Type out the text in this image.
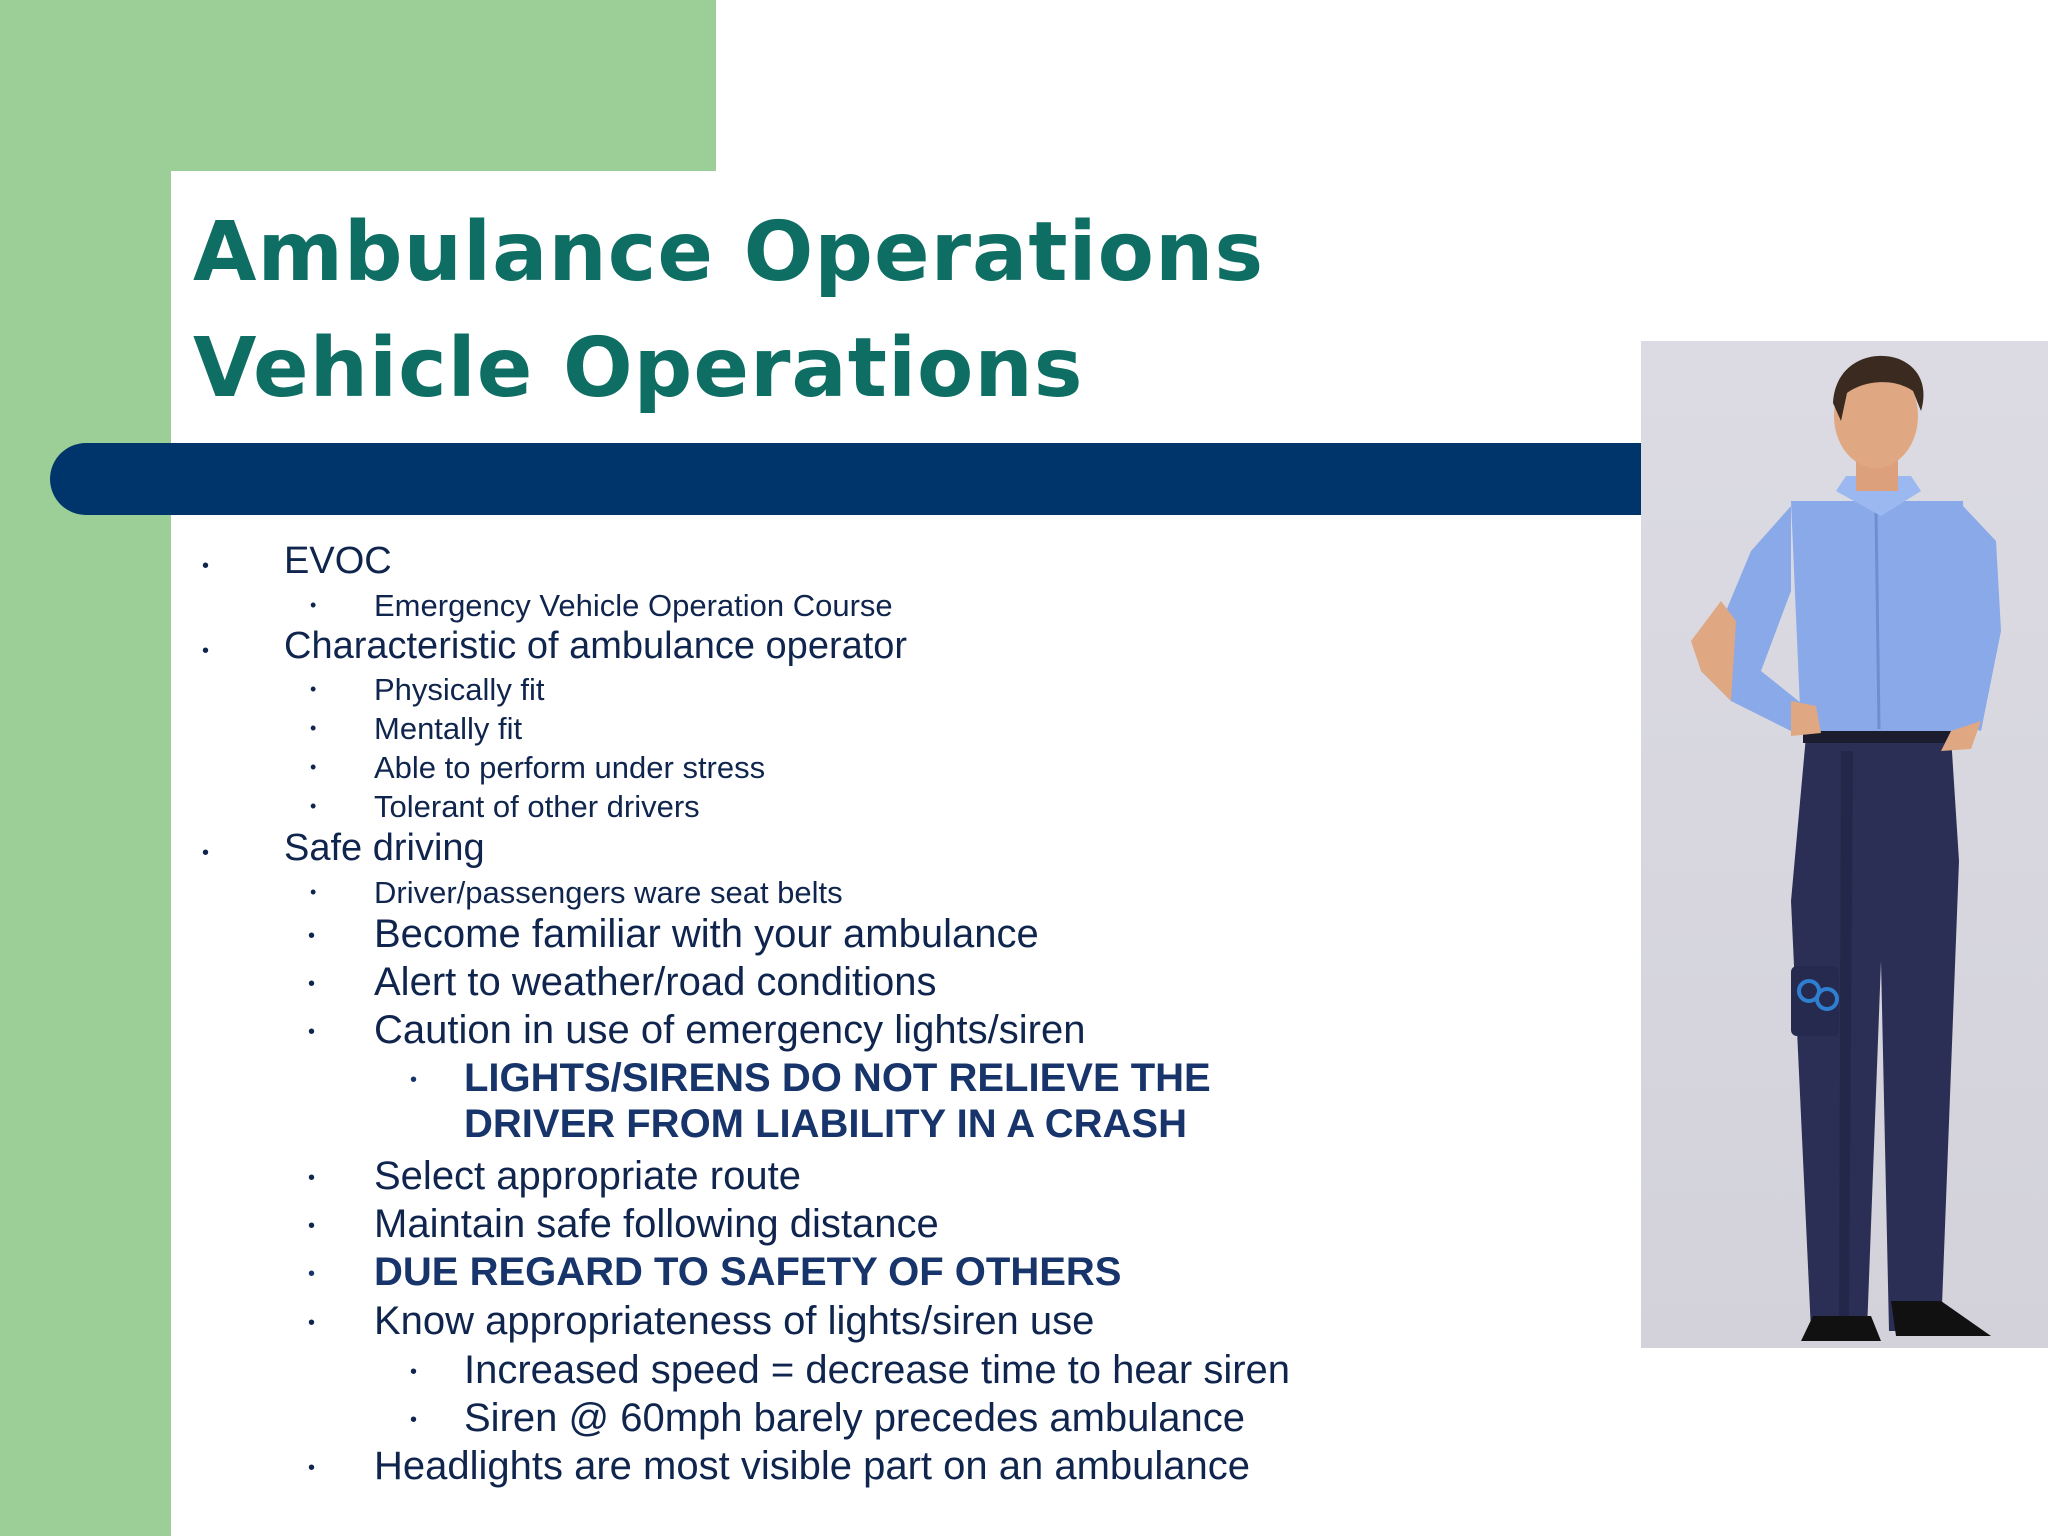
Ambulance Operations
Vehicle Operations
• EVOC
• Emergency Vehicle Operation Course
• Characteristic of ambulance operator
• Physically fit
• Mentally fit
• Able to perform under stress
• Tolerant of other drivers
• Safe driving
• Driver/passengers ware seat belts
• Become familiar with your ambulance
• Alert to weather/road conditions
• Caution in use of emergency lights/siren
• LIGHTS/SIRENS DO NOT RELIEVE THE
DRIVER FROM LIABILITY IN A CRASH
• Select appropriate route
• Maintain safe following distance
• DUE REGARD TO SAFETY OF OTHERS
• Know appropriateness of lights/siren use
• Increased speed = decrease time to hear siren
• Siren @ 60mph barely precedes ambulance
• Headlights are most visible part on an ambulance
